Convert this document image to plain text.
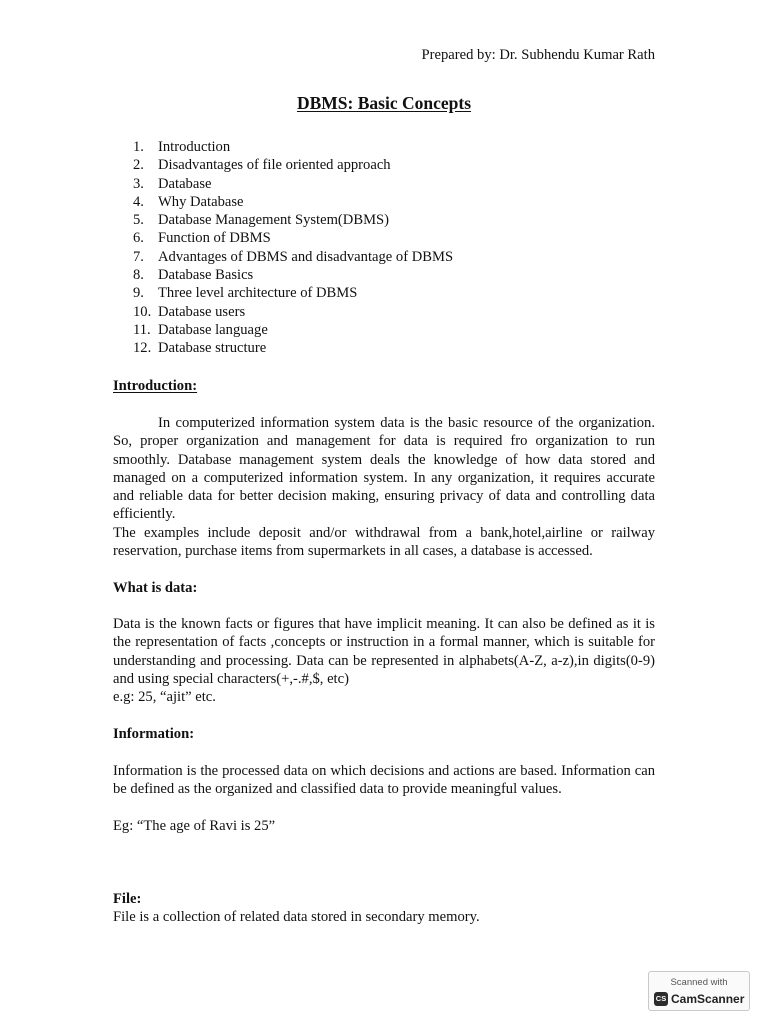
Prepared by: Dr. Subhendu Kumar Rath
DBMS: Basic Concepts
1. Introduction
2. Disadvantages of file oriented approach
3. Database
4. Why Database
5. Database Management System(DBMS)
6. Function of DBMS
7. Advantages of DBMS and disadvantage of DBMS
8. Database Basics
9. Three level architecture of DBMS
10. Database users
11. Database language
12. Database structure
Introduction:

In computerized information system data is the basic resource of the organization. So, proper organization and management for data is required fro organization to run smoothly. Database management system deals the knowledge of how data stored and managed on a computerized information system. In any organization, it requires accurate and reliable data for better decision making, ensuring privacy of data and controlling data efficiently.

The examples include deposit and/or withdrawal from a bank,hotel,airline or railway reservation, purchase items from supermarkets in all cases, a database is accessed.

What is data:

Data is the known facts or figures that have implicit meaning. It can also be defined as it is the representation of facts ,concepts or instruction in a formal manner, which is suitable for understanding and processing. Data can be represented in alphabets(A-Z, a-z),in digits(0-9) and using special characters(+,-.#,$, etc)

e.g: 25, “ajit” etc.

Information:

Information is the processed data on which decisions and actions are based. Information can be defined as the organized and classified data to provide meaningful values.

Eg: “The age of Ravi is 25”

File:

File is a collection of related data stored in secondary memory.

Scanned with
CS CamScanner
